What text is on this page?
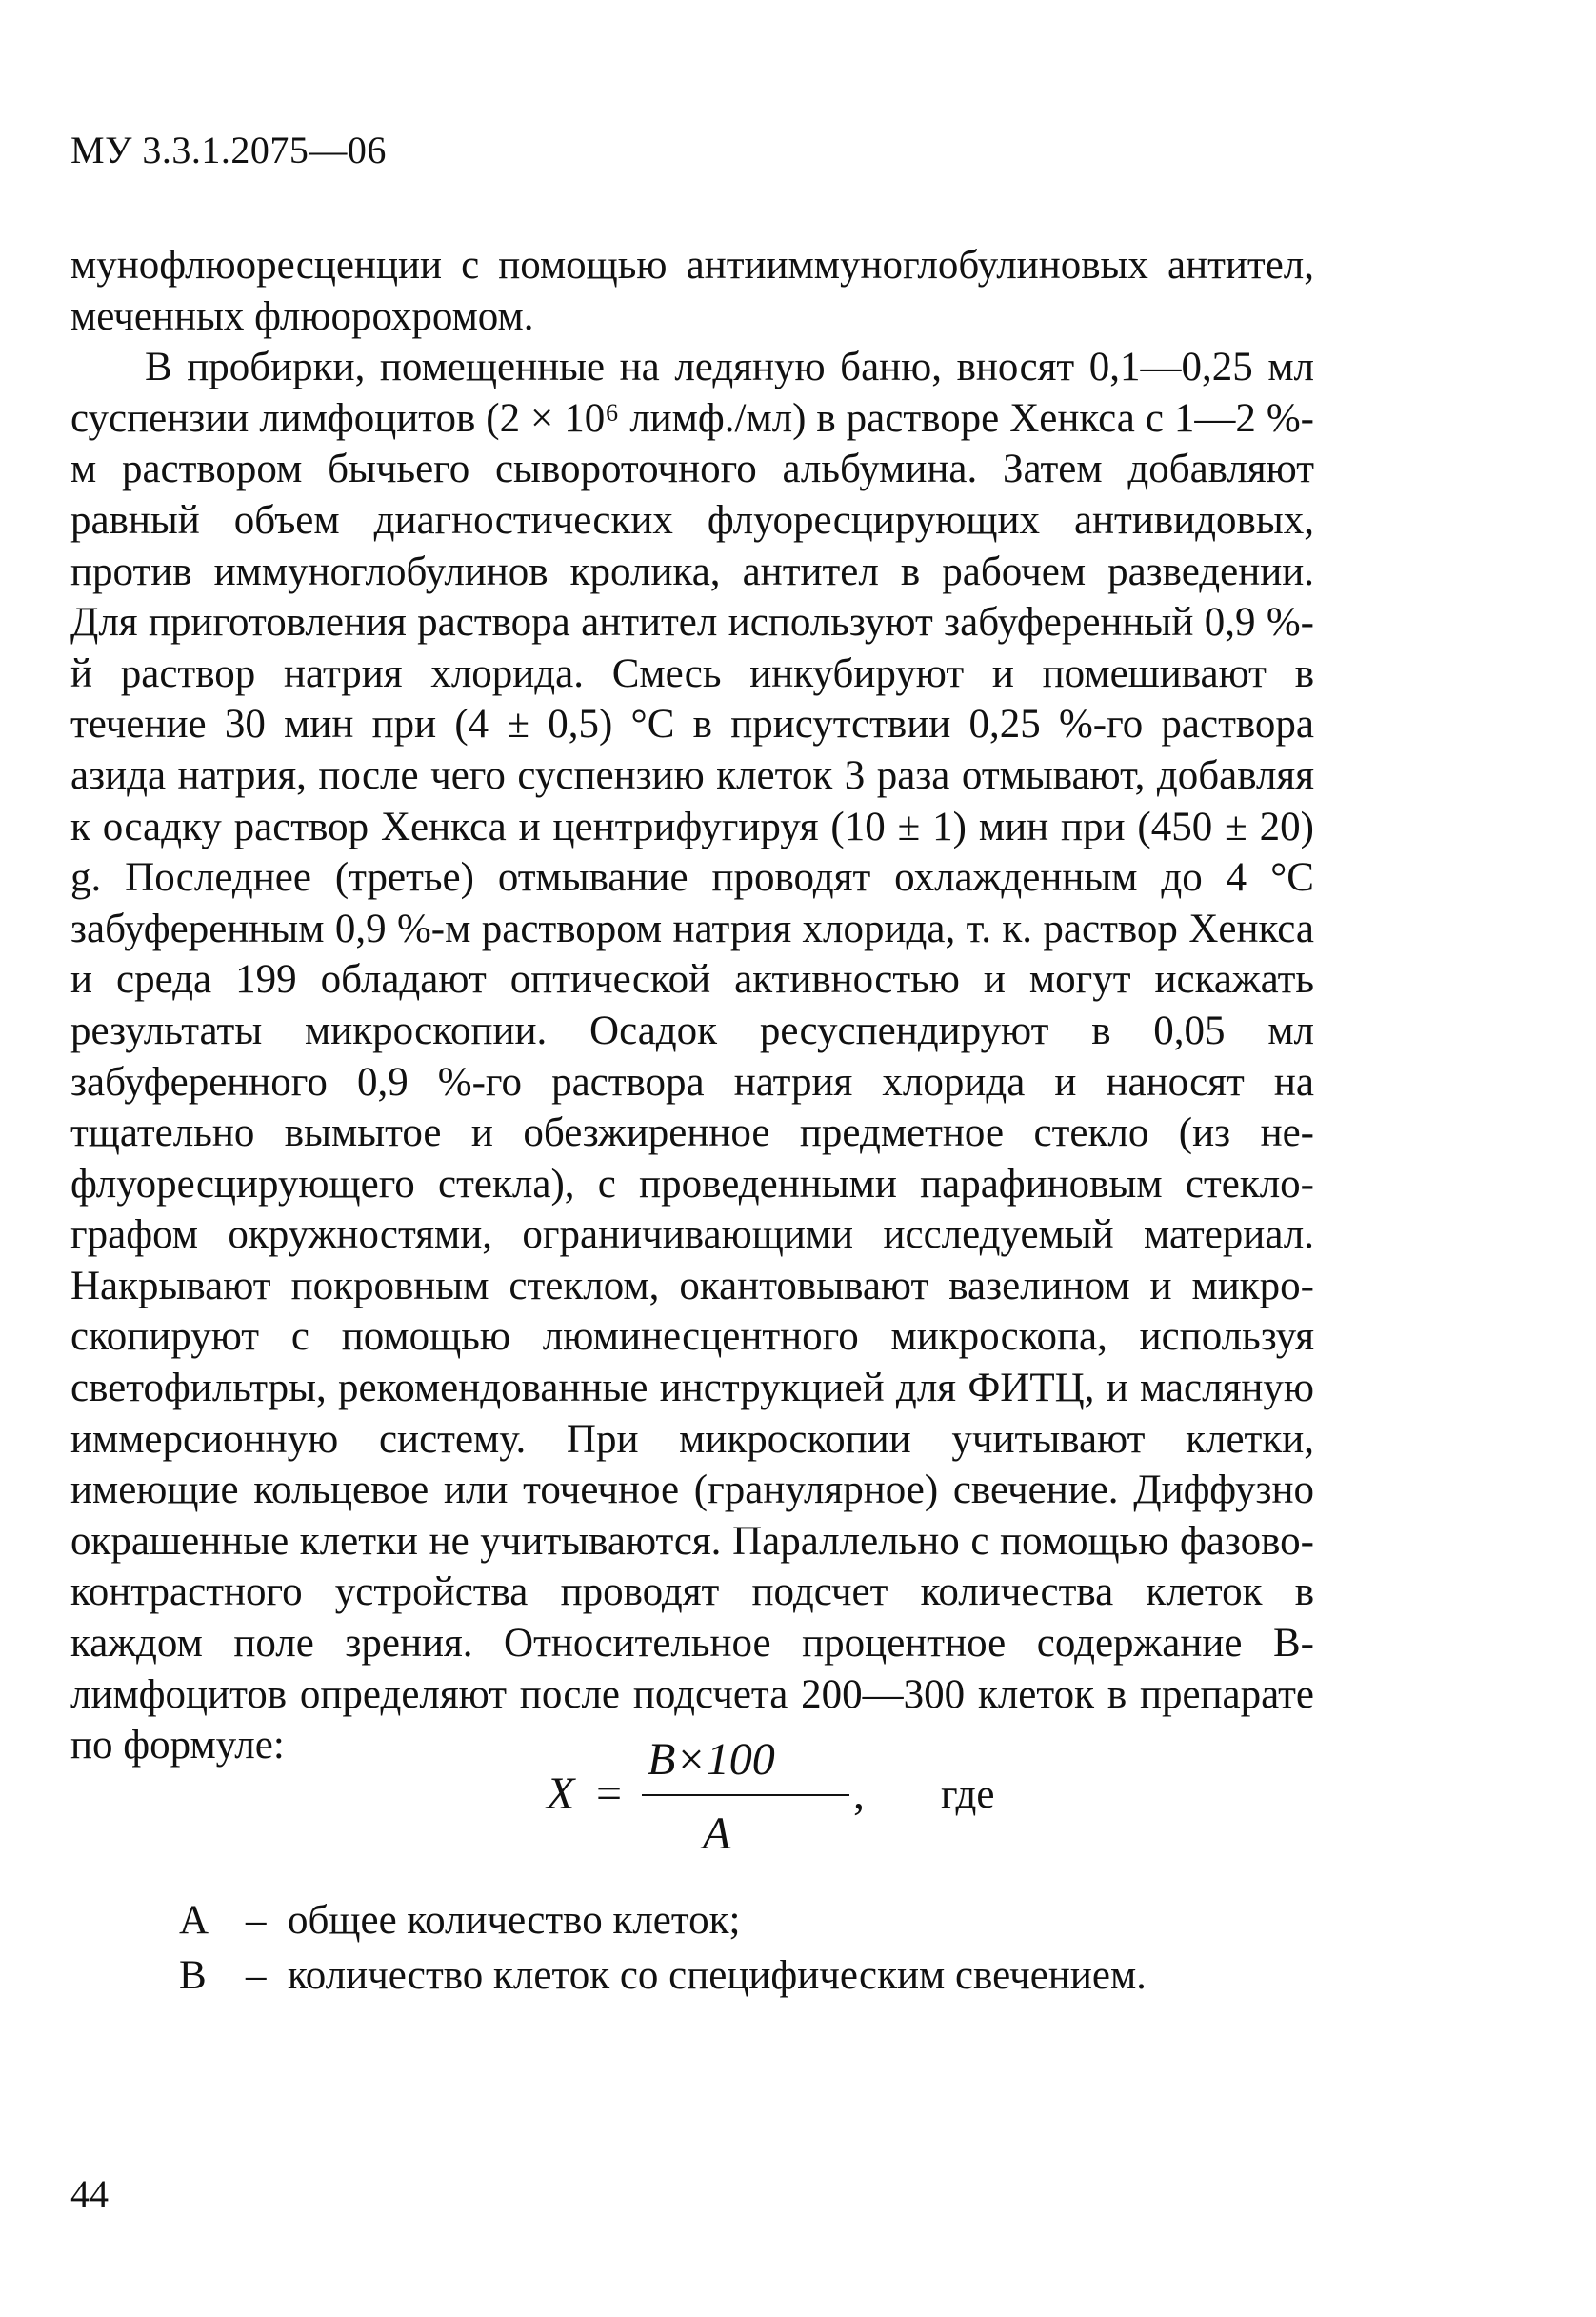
МУ 3.3.1.2075—06

мунофлюоресценции с помощью антииммуноглобулиновых антител, меченных флюорохромом.

В пробирки, помещенные на ледяную баню, вносят 0,1—0,25 мл суспензии лимфоцитов (2 × 10⁶ лимф./мл) в растворе Хенкса с 1—2 %-м раствором бычьего сывороточного альбумина. Затем добавляют равный объем диагностических флуоресцирующих антивидовых, против иммуноглобулинов кролика, антител в рабочем разведении. Для приготовления раствора антител используют забуференный 0,9 %-й раствор натрия хлорида. Смесь инкубируют и помешивают в течение 30 мин при (4 ± 0,5) °С в присутствии 0,25 %-го раствора азида натрия, после чего суспензию клеток 3 раза отмывают, добавляя к осадку раствор Хенкса и центрифугируя (10 ± 1) мин при (450 ± 20) g. Последнее (третье) отмывание проводят охлажденным до 4 °С забуференным 0,9 %-м раствором натрия хлорида, т. к. раствор Хенкса и среда 199 обладают оптической активностью и могут искажать результаты микроскопии. Осадок ресуспендируют в 0,05 мл забуференного 0,9 %-го раствора натрия хлорида и наносят на тщательно вымытое и обезжиренное предметное стекло (из нефлуоресцирующего стекла), с проведенными парафиновым стеклографом окружностями, ограничивающими исследуемый материал. Накрывают покровным стеклом, окантовывают вазелином и микроскопируют с помощью люминесцентного микроскопа, используя светофильтры, рекомендованные инструкцией для ФИТЦ, и масляную иммерсионную систему. При микроскопии учитывают клетки, имеющие кольцевое или точечное (гранулярное) свечение. Диффузно окрашенные клетки не учитываются. Параллельно с помощью фазово-контрастного устройства проводят подсчет количества клеток в каждом поле зрения. Относительное процентное содержание В-лимфоцитов определяют после подсчета 200—300 клеток в препарате по формуле:

X =
B×100
A
, где
А – общее количество клеток;
В – количество клеток со специфическим свечением.
44
